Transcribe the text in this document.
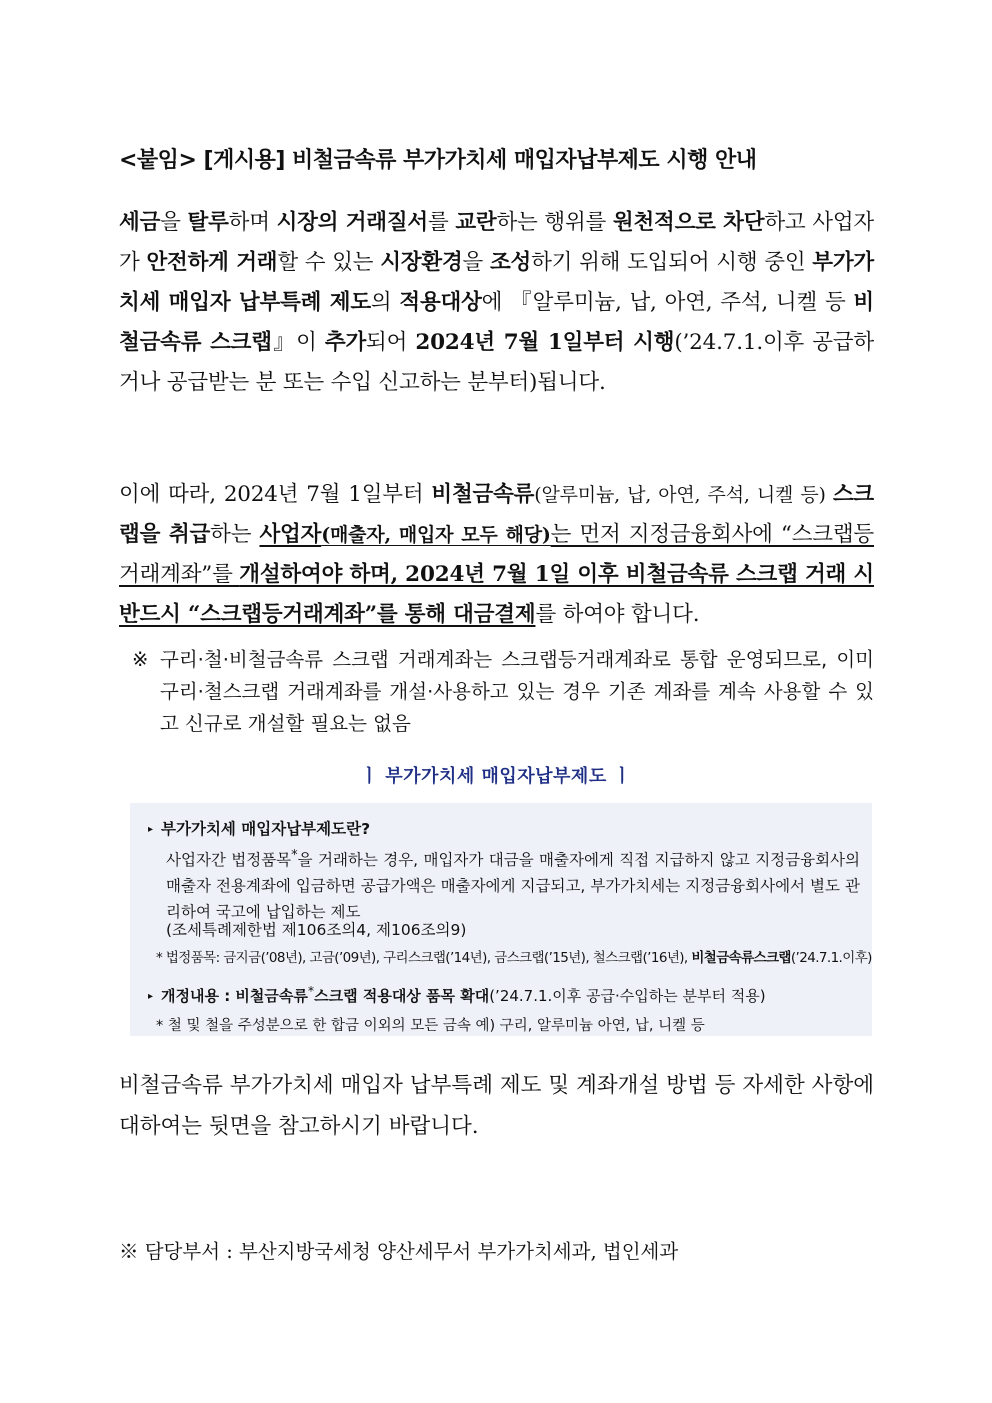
<붙임> [게시용] 비철금속류 부가가치세 매입자납부제도 시행 안내
세금을 탈루하며 시장의 거래질서를 교란하는 행위를 원천적으로 차단하고 사업자가 안전하게 거래할 수 있는 시장환경을 조성하기 위해 도입되어 시행 중인 부가가치세 매입자 납부특례 제도의 적용대상에 『알루미늄, 납, 아연, 주석, 니켈 등 비철금속류 스크랩』이 추가되어 2024년 7월 1일부터 시행(’24.7.1.이후 공급하거나 공급받는 분 또는 수입 신고하는 분부터)됩니다.
이에 따라, 2024년 7월 1일부터 비철금속류(알루미늄, 납, 아연, 주석, 니켈 등) 스크랩을 취급하는 사업자(매출자, 매입자 모두 해당)는 먼저 지정금융회사에 “스크랩등거래계좌”를 개설하여야 하며, 2024년 7월 1일 이후 비철금속류 스크랩 거래 시 반드시 “스크랩등거래계좌”를 통해 대금결제를 하여야 합니다.
※ 구리·철·비철금속류 스크랩 거래계좌는 스크랩등거래계좌로 통합 운영되므로, 이미 구리·철스크랩 거래계좌를 개설·사용하고 있는 경우 기존 계좌를 계속 사용할 수 있고 신규로 개설할 필요는 없음
ㅣ 부가가치세 매입자납부제도 ㅣ
▸ 부가가치세 매입자납부제도란?
사업자간 법정품목*을 거래하는 경우, 매입자가 대금을 매출자에게 직접 지급하지 않고 지정금융회사의 매출자 전용계좌에 입금하면 공급가액은 매출자에게 지급되고, 부가가치세는 지정금융회사에서 별도 관리하여 국고에 납입하는 제도
(조세특례제한법 제106조의4, 제106조의9)
* 법정품목: 금지금(’08년), 고금(’09년), 구리스크랩(’14년), 금스크랩(’15년), 철스크랩(’16년), 비철금속류스크랩(’24.7.1.이후)
▸ 개정내용 : 비철금속류*스크랩 적용대상 품목 확대(’24.7.1.이후 공급·수입하는 분부터 적용)
* 철 및 철을 주성분으로 한 합금 이외의 모든 금속 예) 구리, 알루미늄 아연, 납, 니켈 등
비철금속류 부가가치세 매입자 납부특례 제도 및 계좌개설 방법 등 자세한 사항에 대하여는 뒷면을 참고하시기 바랍니다.
※ 담당부서 : 부산지방국세청 양산세무서 부가가치세과, 법인세과
